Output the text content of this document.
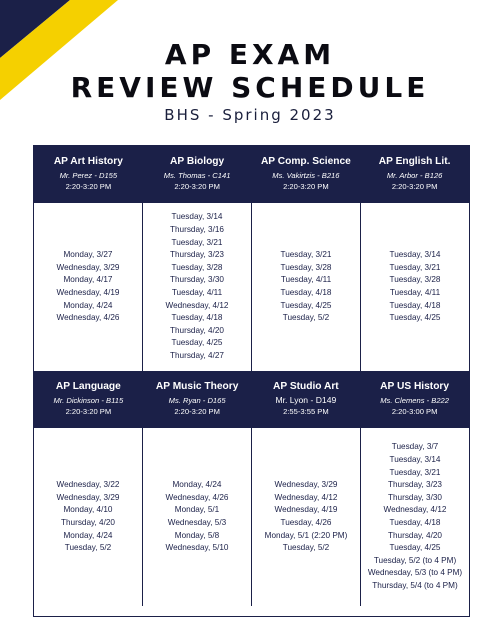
AP EXAM
REVIEW SCHEDULE
BHS - Spring 2023
AP Art History
Mr. Perez - D155
2:20-3:20 PM
AP Biology
Ms. Thomas - C141
2:20-3:20 PM
AP Comp. Science
Ms. Vakirtzis - B216
2:20-3:20 PM
AP English Lit.
Mr. Arbor - B126
2:20-3:20 PM
Monday, 3/27
Wednesday, 3/29
Monday, 4/17
Wednesday, 4/19
Monday, 4/24
Wednesday, 4/26
Tuesday, 3/14
Thursday, 3/16
Tuesday, 3/21
Thursday, 3/23
Tuesday, 3/28
Thursday, 3/30
Tuesday, 4/11
Wednesday, 4/12
Tuesday, 4/18
Thursday, 4/20
Tuesday, 4/25
Thursday, 4/27
Tuesday, 3/21
Tuesday, 3/28
Tuesday, 4/11
Tuesday, 4/18
Tuesday, 4/25
Tuesday, 5/2
Tuesday, 3/14
Tuesday, 3/21
Tuesday, 3/28
Tuesday, 4/11
Tuesday, 4/18
Tuesday, 4/25
AP Language
Mr. Dickinson - B115
2:20-3:20 PM
AP Music Theory
Ms. Ryan - D165
2:20-3:20 PM
AP Studio Art
Mr. Lyon - D149
2:55-3:55 PM
AP US History
Ms. Clemens - B222
2:20-3:00 PM
Wednesday, 3/22
Wednesday, 3/29
Monday, 4/10
Thursday, 4/20
Monday, 4/24
Tuesday, 5/2
Monday, 4/24
Wednesday, 4/26
Monday, 5/1
Wednesday, 5/3
Monday, 5/8
Wednesday, 5/10
Wednesday, 3/29
Wednesday, 4/12
Wednesday, 4/19
Tuesday, 4/26
Monday, 5/1 (2:20 PM)
Tuesday, 5/2
Tuesday, 3/7
Tuesday, 3/14
Tuesday, 3/21
Thursday, 3/23
Thursday, 3/30
Wednesday, 4/12
Tuesday, 4/18
Thursday, 4/20
Tuesday, 4/25
Tuesday, 5/2 (to 4 PM)
Wednesday, 5/3 (to 4 PM)
Thursday, 5/4 (to 4 PM)
